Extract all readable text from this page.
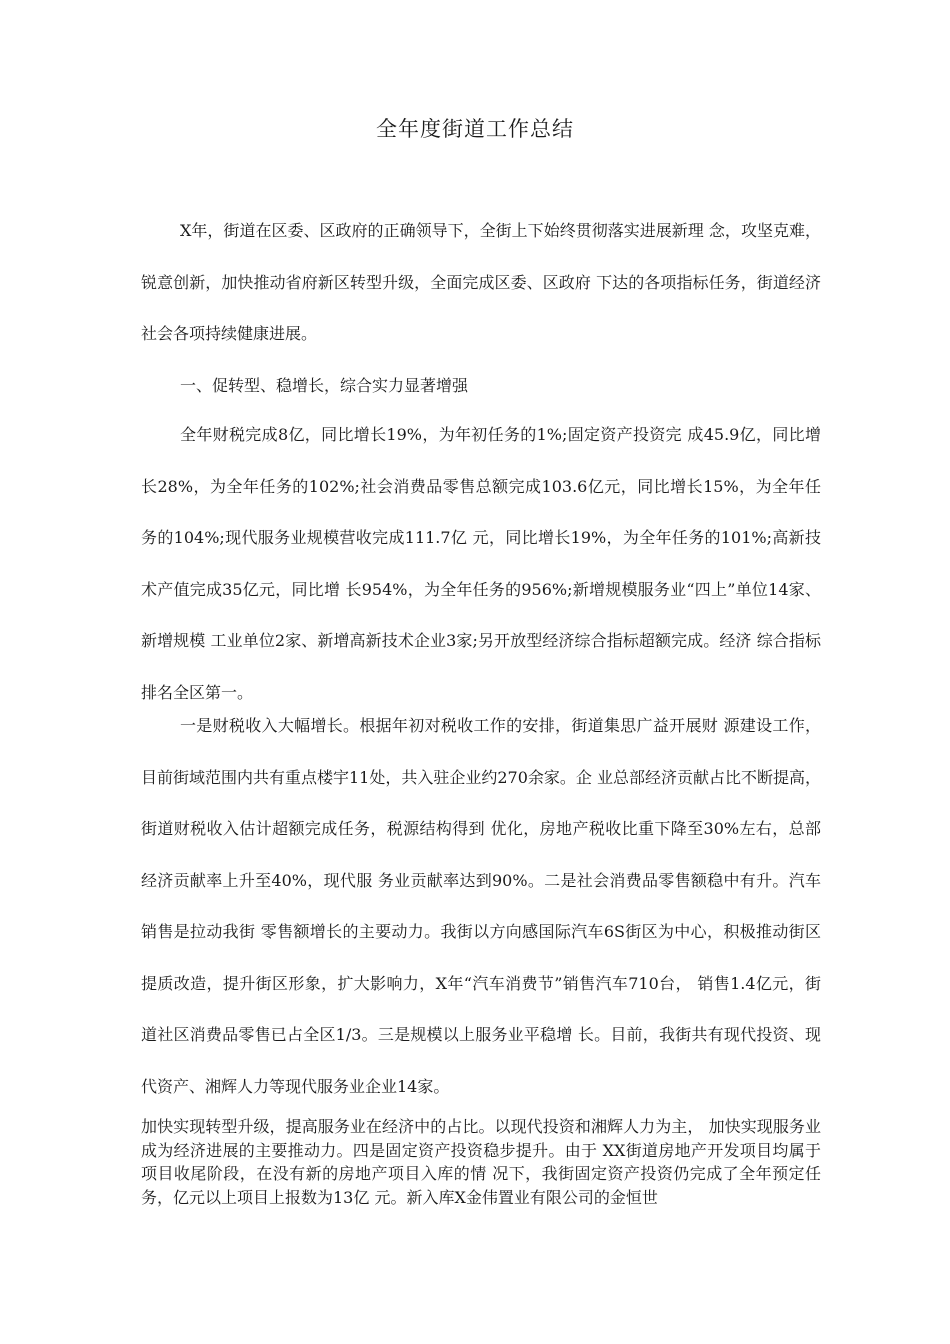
全年度街道工作总结
X年，街道在区委、区政府的正确领导下，全街上下始终贯彻落实进展新理 念，攻坚克难，锐意创新，加快推动省府新区转型升级，全面完成区委、区政府 下达的各项指标任务，街道经济社会各项持续健康进展。
一、促转型、稳增长，综合实力显著增强
全年财税完成8亿，同比增长19%，为年初任务的1%;固定资产投资完 成45.9亿，同比增长28%，为全年任务的102%;社会消费品零售总额完成103.6亿元，同比增长15%，为全年任务的104%;现代服务业规模营收完成111.7亿 元，同比增长19%，为全年任务的101%;高新技术产值完成35亿元，同比增 长954%，为全年任务的956%;新增规模服务业“四上”单位14家、新增规模 工业单位2家、新增高新技术企业3家;另开放型经济综合指标超额完成。经济 综合指标排名全区第一。
一是财税收入大幅增长。根据年初对税收工作的安排，街道集思广益开展财 源建设工作，目前街域范围内共有重点楼宇11处，共入驻企业约270余家。企 业总部经济贡献占比不断提高，街道财税收入估计超额完成任务，税源结构得到 优化，房地产税收比重下降至30%左右，总部经济贡献率上升至40%，现代服 务业贡献率达到90%。二是社会消费品零售额稳中有升。汽车销售是拉动我街 零售额增长的主要动力。我街以方向感国际汽车6S街区为中心，积极推动街区 提质改造，提升街区形象，扩大影响力，X年“汽车消费节”销售汽车710台， 销售1.4亿元，街道社区消费品零售已占全区1/3。三是规模以上服务业平稳增 长。目前，我街共有现代投资、现代资产、湘辉人力等现代服务业企业14家。
加快实现转型升级，提高服务业在经济中的占比。以现代投资和湘辉人力为主， 加快实现服务业成为经济进展的主要推动力。四是固定资产投资稳步提升。由于 XX街道房地产开发项目均属于项目收尾阶段，在没有新的房地产项目入库的情 况下，我街固定资产投资仍完成了全年预定任务，亿元以上项目上报数为13亿 元。新入库X金伟置业有限公司的金恒世
